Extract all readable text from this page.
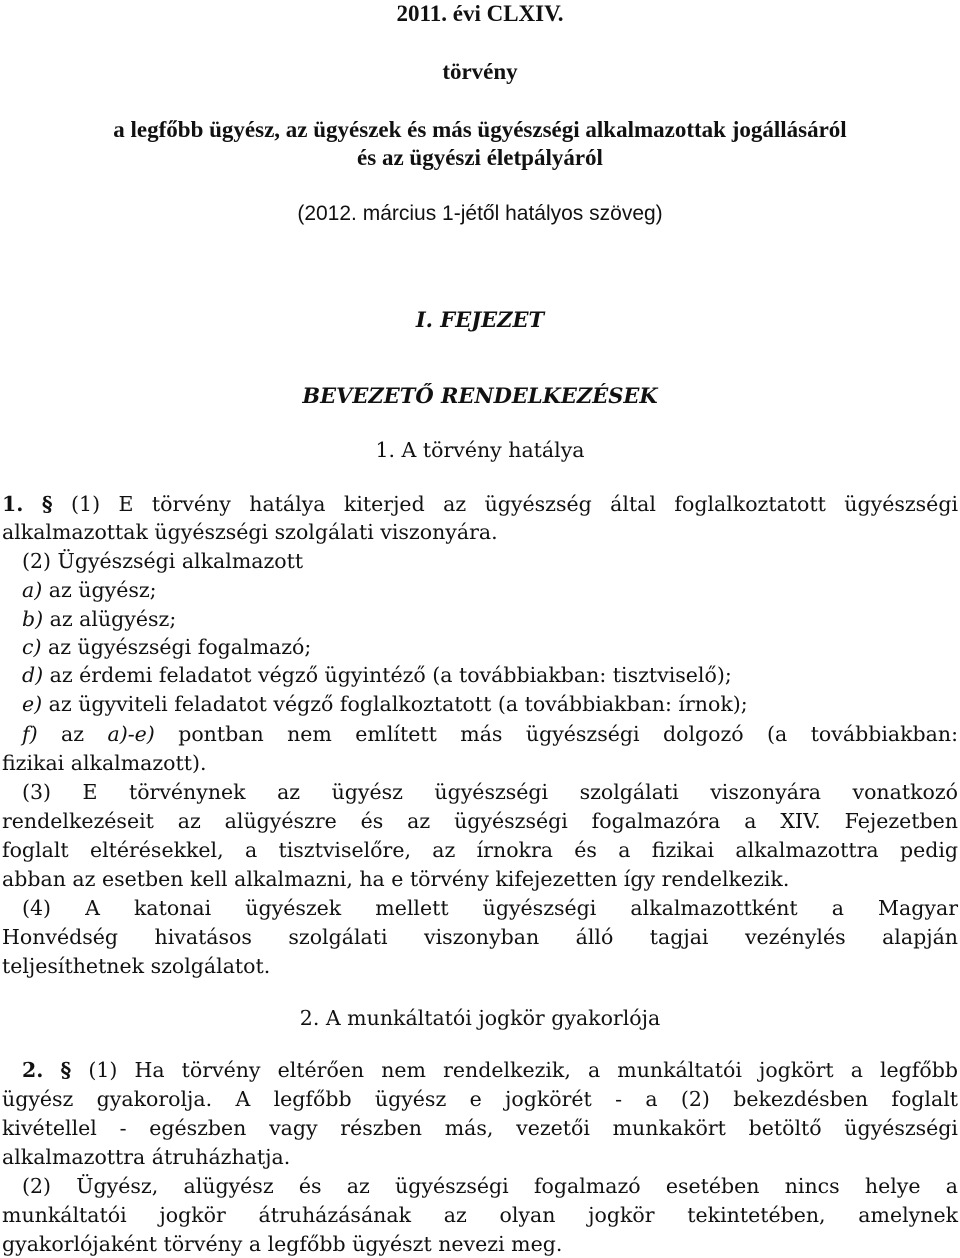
2011. évi CLXIV.
törvény
a legfőbb ügyész, az ügyészek és más ügyészségi alkalmazottak jogállásáról
és az ügyészi életpályáról
(2012. március 1-jétől hatályos szöveg)
I. FEJEZET
BEVEZETŐ RENDELKEZÉSEK
1. A törvény hatálya
1. § (1) E törvény hatálya kiterjed az ügyészség által foglalkoztatott ügyészségi
alkalmazottak ügyészségi szolgálati viszonyára.
(2) Ügyészségi alkalmazott
a) az ügyész;
b) az alügyész;
c) az ügyészségi fogalmazó;
d) az érdemi feladatot végző ügyintéző (a továbbiakban: tisztviselő);
e) az ügyviteli feladatot végző foglalkoztatott (a továbbiakban: írnok);
f) az a)-e) pontban nem említett más ügyészségi dolgozó (a továbbiakban:
fizikai alkalmazott).
(3) E törvénynek az ügyész ügyészségi szolgálati viszonyára vonatkozó
rendelkezéseit az alügyészre és az ügyészségi fogalmazóra a XIV. Fejezetben
foglalt eltérésekkel, a tisztviselőre, az írnokra és a fizikai alkalmazottra pedig
abban az esetben kell alkalmazni, ha e törvény kifejezetten így rendelkezik.
(4) A katonai ügyészek mellett ügyészségi alkalmazottként a Magyar
Honvédség hivatásos szolgálati viszonyban álló tagjai vezénylés alapján
teljesíthetnek szolgálatot.
2. A munkáltatói jogkör gyakorlója
2. § (1) Ha törvény eltérően nem rendelkezik, a munkáltatói jogkört a legfőbb
ügyész gyakorolja. A legfőbb ügyész e jogkörét - a (2) bekezdésben foglalt
kivétellel - egészben vagy részben más, vezetői munkakört betöltő ügyészségi
alkalmazottra átruházhatja.
(2) Ügyész, alügyész és az ügyészségi fogalmazó esetében nincs helye a
munkáltatói jogkör átruházásának az olyan jogkör tekintetében, amelynek
gyakorlójaként törvény a legfőbb ügyészt nevezi meg.
